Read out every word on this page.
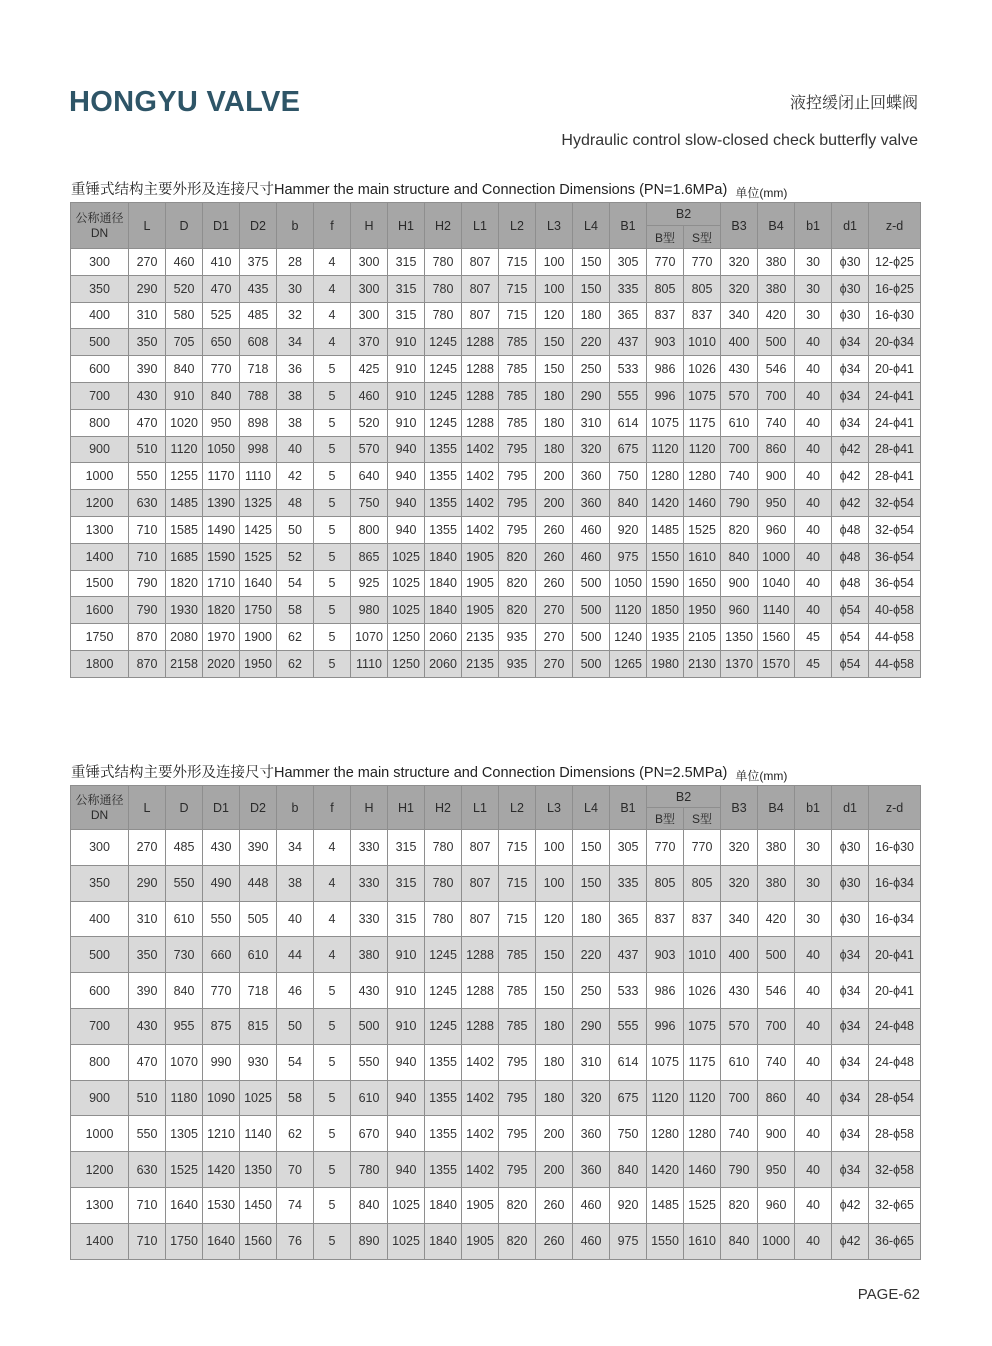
HONGYU VALVE	液控缓闭止回蝶阀
Hydraulic control slow-closed check butterfly valve
重锤式结构主要外形及连接尺寸Hammer the main structure and Connection Dimensions (PN=1.6MPa) $_{单位(mm)}$
公称通径
DN	L	D	D1	D2	b	f	H	H1	H2	L1	L2	L3	L4	B1	B2		B3	B4	b1	d1	z-d
															B型	S型					
300	270	460	410	375	28	4	300	315	780	807	715	100	150	305	770	770	320	380	30	ϕ30	12-ϕ25
350	290	520	470	435	30	4	300	315	780	807	715	100	150	335	805	805	320	380	30	ϕ30	16-ϕ25
400	310	580	525	485	32	4	300	315	780	807	715	120	180	365	837	837	340	420	30	ϕ30	16-ϕ30
500	350	705	650	608	34	4	370	910	1245	1288	785	150	220	437	903	1010	400	500	40	ϕ34	20-ϕ34
600	390	840	770	718	36	5	425	910	1245	1288	785	150	250	533	986	1026	430	546	40	ϕ34	20-ϕ41
700	430	910	840	788	38	5	460	910	1245	1288	785	180	290	555	996	1075	570	700	40	ϕ34	24-ϕ41
800	470	1020	950	898	38	5	520	910	1245	1288	785	180	310	614	1075	1175	610	740	40	ϕ34	24-ϕ41
900	510	1120	1050	998	40	5	570	940	1355	1402	795	180	320	675	1120	1120	700	860	40	ϕ42	28-ϕ41
1000	550	1255	1170	1110	42	5	640	940	1355	1402	795	200	360	750	1280	1280	740	900	40	ϕ42	28-ϕ41
1200	630	1485	1390	1325	48	5	750	940	1355	1402	795	200	360	840	1420	1460	790	950	40	ϕ42	32-ϕ54
1300	710	1585	1490	1425	50	5	800	940	1355	1402	795	260	460	920	1485	1525	820	960	40	ϕ48	32-ϕ54
1400	710	1685	1590	1525	52	5	865	1025	1840	1905	820	260	460	975	1550	1610	840	1000	40	ϕ48	36-ϕ54
1500	790	1820	1710	1640	54	5	925	1025	1840	1905	820	260	500	1050	1590	1650	900	1040	40	ϕ48	36-ϕ54
1600	790	1930	1820	1750	58	5	980	1025	1840	1905	820	270	500	1120	1850	1950	960	1140	40	ϕ54	40-ϕ58
1750	870	2080	1970	1900	62	5	1070	1250	2060	2135	935	270	500	1240	1935	2105	1350	1560	45	ϕ54	44-ϕ58
1800	870	2158	2020	1950	62	5	1110	1250	2060	2135	935	270	500	1265	1980	2130	1370	1570	45	ϕ54	44-ϕ58
重锤式结构主要外形及连接尺寸Hammer the main structure and Connection Dimensions (PN=2.5MPa) $_{单位(mm)}$
公称通径
DN	L	D	D1	D2	b	f	H	H1	H2	L1	L2	L3	L4	B1	B2		B3	B4	b1	d1	z-d
															B型	S型					
300	270	485	430	390	34	4	330	315	780	807	715	100	150	305	770	770	320	380	30	ϕ30	16-ϕ30
350	290	550	490	448	38	4	330	315	780	807	715	100	150	335	805	805	320	380	30	ϕ30	16-ϕ34
400	310	610	550	505	40	4	330	315	780	807	715	120	180	365	837	837	340	420	30	ϕ30	16-ϕ34
500	350	730	660	610	44	4	380	910	1245	1288	785	150	220	437	903	1010	400	500	40	ϕ34	20-ϕ41
600	390	840	770	718	46	5	430	910	1245	1288	785	150	250	533	986	1026	430	546	40	ϕ34	20-ϕ41
700	430	955	875	815	50	5	500	910	1245	1288	785	180	290	555	996	1075	570	700	40	ϕ34	24-ϕ48
800	470	1070	990	930	54	5	550	940	1355	1402	795	180	310	614	1075	1175	610	740	40	ϕ34	24-ϕ48
900	510	1180	1090	1025	58	5	610	940	1355	1402	795	180	320	675	1120	1120	700	860	40	ϕ34	28-ϕ54
1000	550	1305	1210	1140	62	5	670	940	1355	1402	795	200	360	750	1280	1280	740	900	40	ϕ34	28-ϕ58
1200	630	1525	1420	1350	70	5	780	940	1355	1402	795	200	360	840	1420	1460	790	950	40	ϕ34	32-ϕ58
1300	710	1640	1530	1450	74	5	840	1025	1840	1905	820	260	460	920	1485	1525	820	960	40	ϕ42	32-ϕ65
1400	710	1750	1640	1560	76	5	890	1025	1840	1905	820	260	460	975	1550	1610	840	1000	40	ϕ42	36-ϕ65
PAGE-62
